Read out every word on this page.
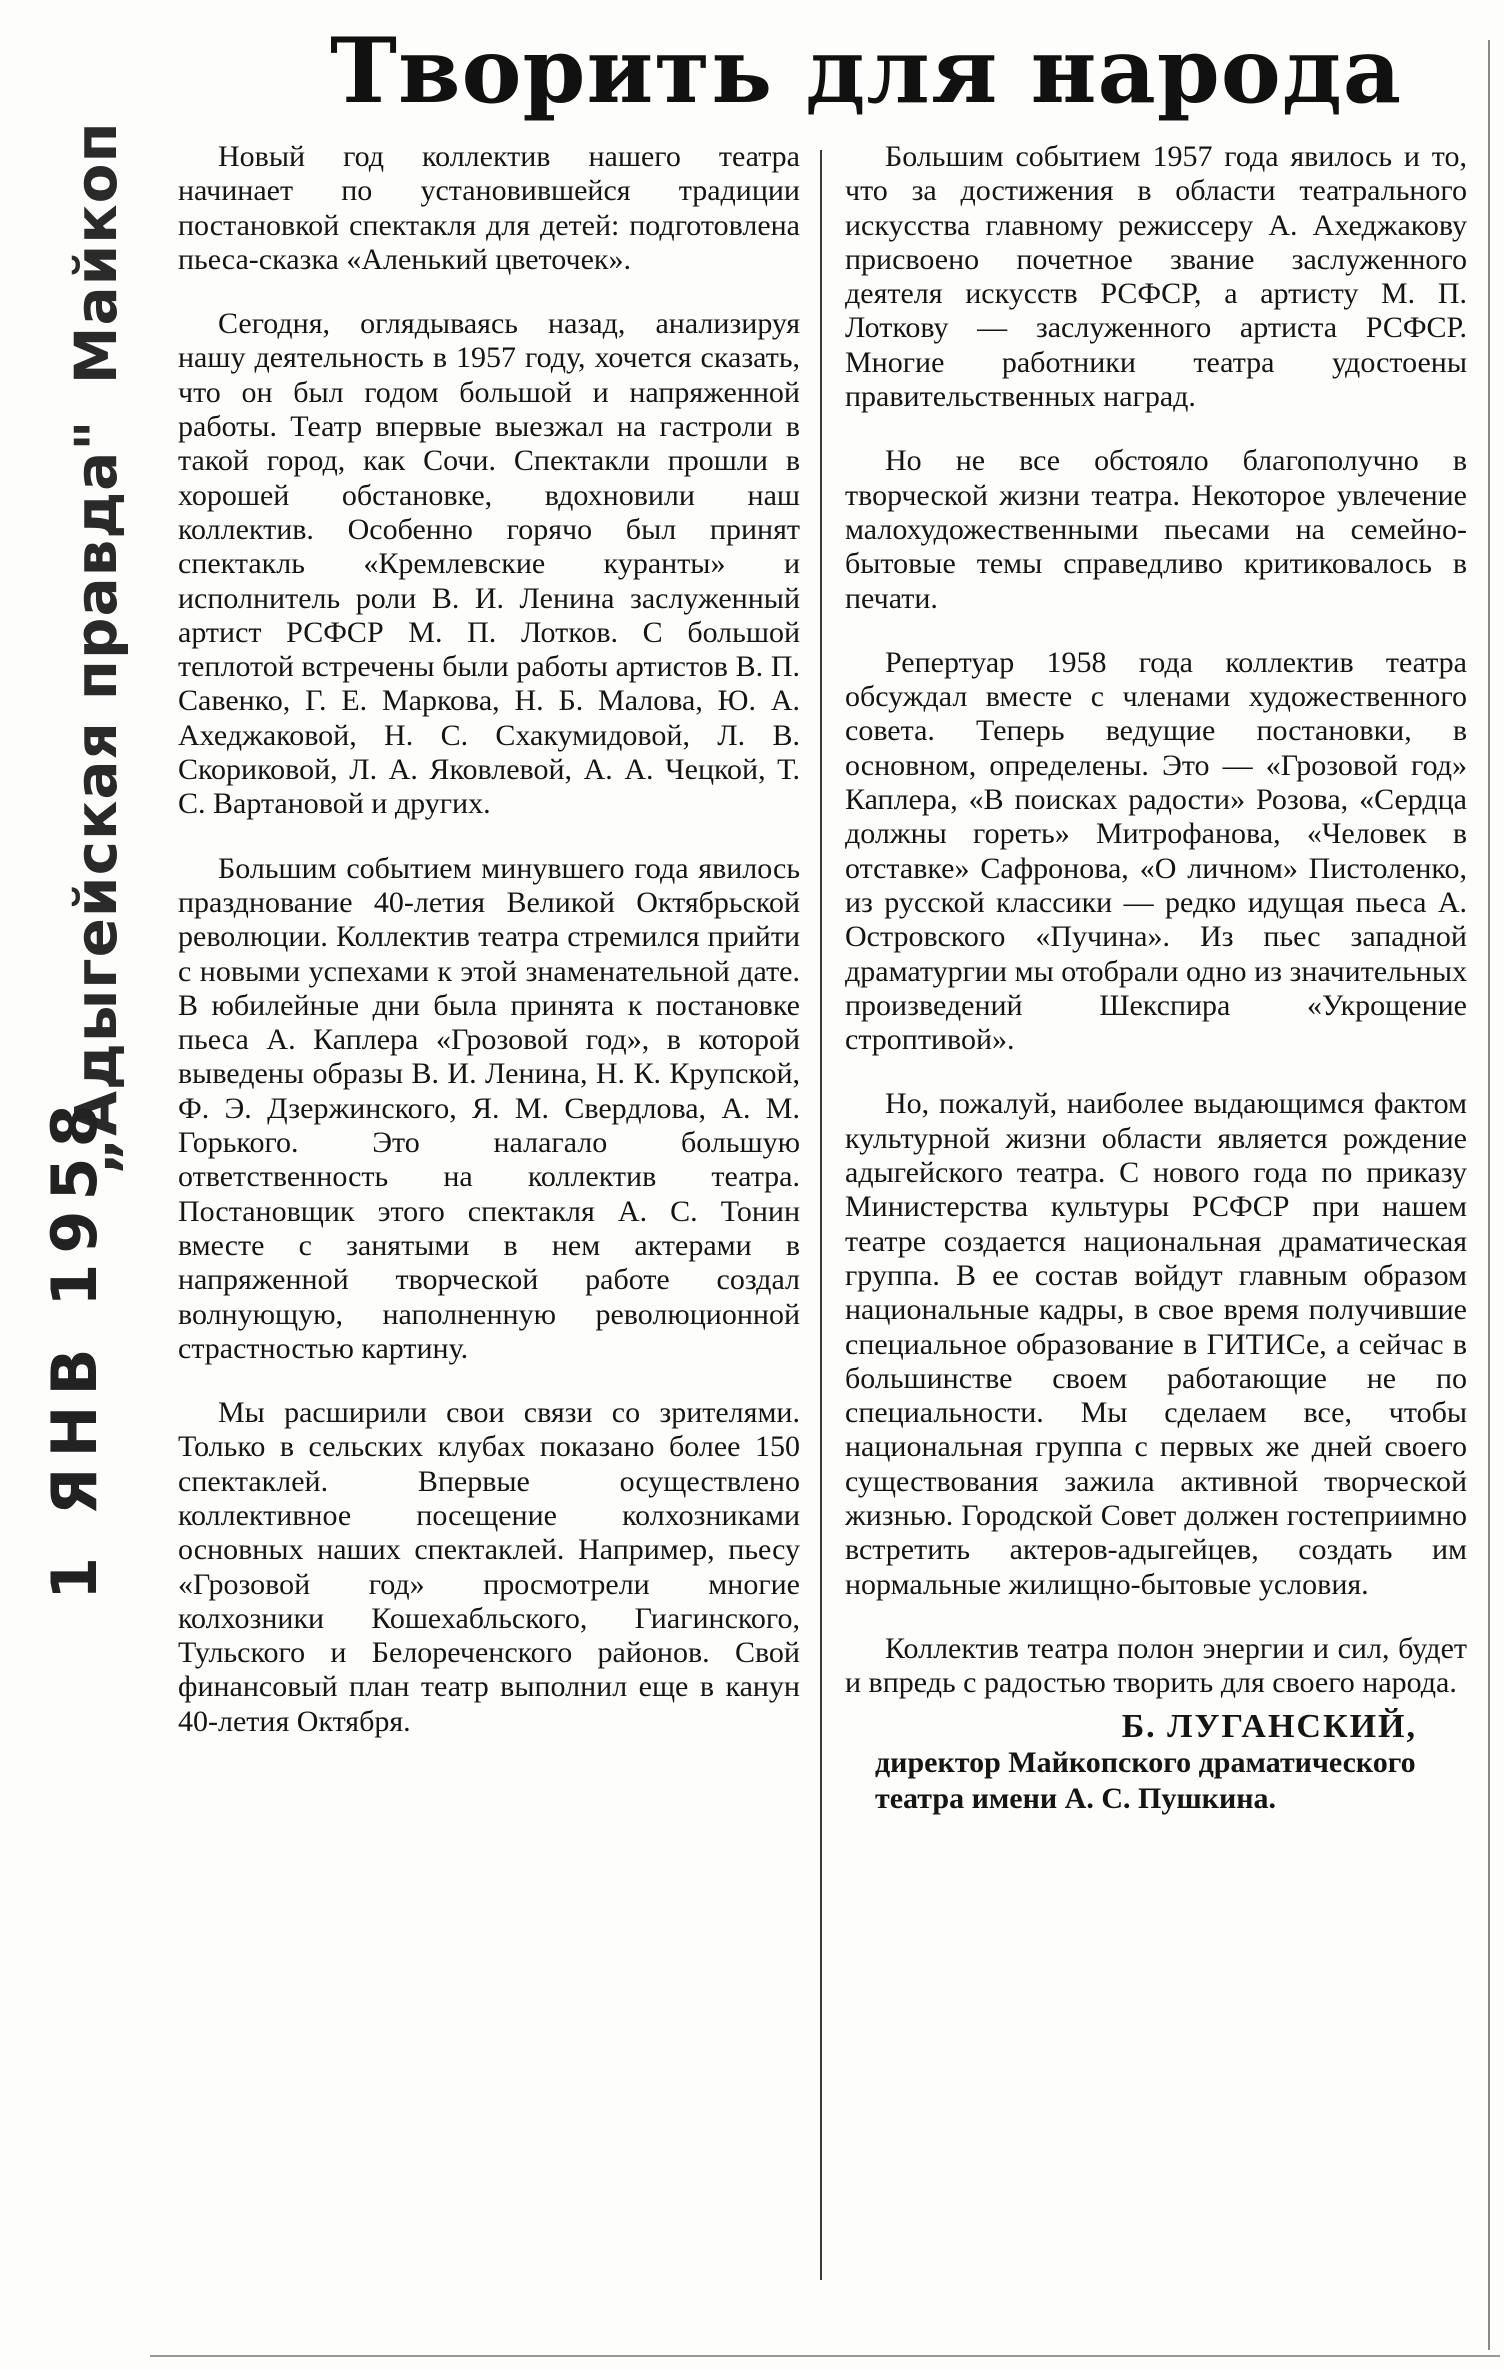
Творить для народа
„Адыгейская правда" Майкоп
1 ЯНВ 1958

Новый год коллектив нашего театра начинает по установившейся традиции постановкой спектакля для детей: подготовлена пьеса-сказка «Аленький цветочек».

Сегодня, оглядываясь назад, анализируя нашу деятельность в 1957 году, хочется сказать, что он был годом большой и напряженной работы. Театр впервые выезжал на гастроли в такой город, как Сочи. Спектакли прошли в хорошей обстановке, вдохновили наш коллектив. Особенно горячо был принят спектакль «Кремлевские куранты» и исполнитель роли В. И. Ленина заслуженный артист РСФСР М. П. Лотков. С большой теплотой встречены были работы артистов В. П. Савенко, Г. Е. Маркова, Н. Б. Малова, Ю. А. Ахеджаковой, Н. С. Схакумидовой, Л. В. Скориковой, Л. А. Яковлевой, А. А. Чецкой, Т. С. Вартановой и других.

Большим событием минувшего года явилось празднование 40-летия Великой Октябрьской революции. Коллектив театра стремился прийти с новыми успехами к этой знаменательной дате. В юбилейные дни была принята к постановке пьеса А. Каплера «Грозовой год», в которой выведены образы В. И. Ленина, Н. К. Крупской, Ф. Э. Дзержинского, Я. М. Свердлова, А. М. Горького. Это налагало большую ответственность на коллектив театра. Постановщик этого спектакля А. С. Тонин вместе с занятыми в нем актерами в напряженной творческой работе создал волнующую, наполненную революционной страстностью картину.

Мы расширили свои связи со зрителями. Только в сельских клубах показано более 150 спектаклей. Впервые осуществлено коллективное посещение колхозниками основных наших спектаклей. Например, пьесу «Грозовой год» просмотрели многие колхозники Кошехабльского, Гиагинского, Тульского и Белореченского районов. Свой финансовый план театр выполнил еще в канун 40-летия Октября.

Большим событием 1957 года явилось и то, что за достижения в области театрального искусства главному режиссеру А. Ахеджакову присвоено почетное звание заслуженного деятеля искусств РСФСР, а артисту М. П. Лоткову — заслуженного артиста РСФСР. Многие работники театра удостоены правительственных наград.

Но не все обстояло благополучно в творческой жизни театра. Некоторое увлечение малохудожественными пьесами на семейно-бытовые темы справедливо критиковалось в печати.

Репертуар 1958 года коллектив театра обсуждал вместе с членами художественного совета. Теперь ведущие постановки, в основном, определены. Это — «Грозовой год» Каплера, «В поисках радости» Розова, «Сердца должны гореть» Митрофанова, «Человек в отставке» Сафронова, «О личном» Пистоленко, из русской классики — редко идущая пьеса А. Островского «Пучина». Из пьес западной драматургии мы отобрали одно из значительных произведений Шекспира «Укрощение строптивой».

Но, пожалуй, наиболее выдающимся фактом культурной жизни области является рождение адыгейского театра. С нового года по приказу Министерства культуры РСФСР при нашем театре создается национальная драматическая группа. В ее состав войдут главным образом национальные кадры, в свое время получившие специальное образование в ГИТИСе, а сейчас в большинстве своем работающие не по специальности. Мы сделаем все, чтобы национальная группа с первых же дней своего существования зажила активной творческой жизнью. Городской Совет должен гостеприимно встретить актеров-адыгейцев, создать им нормальные жилищно-бытовые условия.

Коллектив театра полон энергии и сил, будет и впредь с радостью творить для своего народа.

Б. ЛУГАНСКИЙ,
директор Майкопского драматического театра имени А. С. Пушкина.
